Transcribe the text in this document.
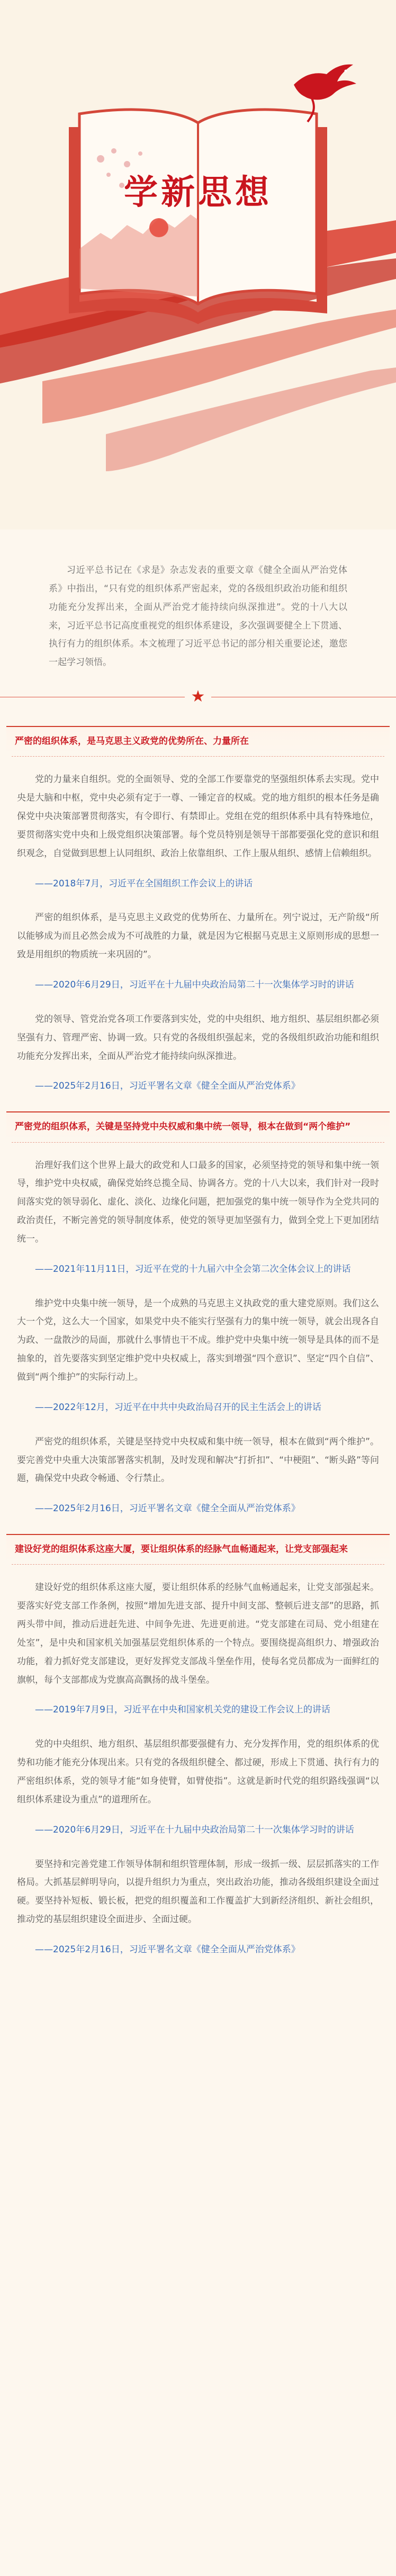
学新思想

习近平总书记在《求是》杂志发表的重要文章《健全全面从严治党体系》中指出，“只有党的组织体系严密起来，党的各级组织政治功能和组织功能充分发挥出来，全面从严治党才能持续向纵深推进”。党的十八大以来，习近平总书记高度重视党的组织体系建设，多次强调要健全上下贯通、执行有力的组织体系。本文梳理了习近平总书记的部分相关重要论述，邀您一起学习领悟。

★
严密的组织体系，是马克思主义政党的优势所在、力量所在

党的力量来自组织。党的全面领导、党的全部工作要靠党的坚强组织体系去实现。党中央是大脑和中枢，党中央必须有定于一尊、一锤定音的权威。党的地方组织的根本任务是确保党中央决策部署贯彻落实，有令即行、有禁即止。党组在党的组织体系中具有特殊地位，要贯彻落实党中央和上级党组织决策部署。每个党员特别是领导干部都要强化党的意识和组织观念，自觉做到思想上认同组织、政治上依靠组织、工作上服从组织、感情上信赖组织。

——2018年7月，习近平在全国组织工作会议上的讲话

严密的组织体系，是马克思主义政党的优势所在、力量所在。列宁说过，无产阶级“所以能够成为而且必然会成为不可战胜的力量，就是因为它根据马克思主义原则形成的思想一致是用组织的物质统一来巩固的”。

——2020年6月29日，习近平在十九届中央政治局第二十一次集体学习时的讲话

党的领导、管党治党各项工作要落到实处，党的中央组织、地方组织、基层组织都必须坚强有力、管理严密、协调一致。只有党的各级组织强起来，党的各级组织政治功能和组织功能充分发挥出来，全面从严治党才能持续向纵深推进。

——2025年2月16日，习近平署名文章《健全全面从严治党体系》

严密党的组织体系，关键是坚持党中央权威和集中统一领导，根本在做到“两个维护”

治理好我们这个世界上最大的政党和人口最多的国家，必须坚持党的领导和集中统一领导，维护党中央权威，确保党始终总揽全局、协调各方。党的十八大以来，我们针对一段时间落实党的领导弱化、虚化、淡化、边缘化问题，把加强党的集中统一领导作为全党共同的政治责任，不断完善党的领导制度体系，使党的领导更加坚强有力，做到全党上下更加团结统一。

——2021年11月11日，习近平在党的十九届六中全会第二次全体会议上的讲话

维护党中央集中统一领导，是一个成熟的马克思主义执政党的重大建党原则。我们这么大一个党，这么大一个国家，如果党中央不能实行坚强有力的集中统一领导，就会出现各自为政、一盘散沙的局面，那就什么事情也干不成。维护党中央集中统一领导是具体的而不是抽象的，首先要落实到坚定维护党中央权威上，落实到增强“四个意识”、坚定“四个自信”、做到“两个维护”的实际行动上。

——2022年12月，习近平在中共中央政治局召开的民主生活会上的讲话

严密党的组织体系，关键是坚持党中央权威和集中统一领导，根本在做到“两个维护”。要完善党中央重大决策部署落实机制，及时发现和解决“打折扣”、“中梗阻”、“断头路”等问题，确保党中央政令畅通、令行禁止。

——2025年2月16日，习近平署名文章《健全全面从严治党体系》

建设好党的组织体系这座大厦，要让组织体系的经脉气血畅通起来，让党支部强起来

建设好党的组织体系这座大厦，要让组织体系的经脉气血畅通起来，让党支部强起来。要落实好党支部工作条例，按照“增加先进支部、提升中间支部、整顿后进支部”的思路，抓两头带中间，推动后进赶先进、中间争先进、先进更前进。“党支部建在司局、党小组建在处室”，是中央和国家机关加强基层党组织体系的一个特点。要围绕提高组织力、增强政治功能，着力抓好党支部建设，更好发挥党支部战斗堡垒作用，使每名党员都成为一面鲜红的旗帜，每个支部都成为党旗高高飘扬的战斗堡垒。

——2019年7月9日，习近平在中央和国家机关党的建设工作会议上的讲话

党的中央组织、地方组织、基层组织都要强健有力、充分发挥作用，党的组织体系的优势和功能才能充分体现出来。只有党的各级组织健全、都过硬，形成上下贯通、执行有力的严密组织体系，党的领导才能“如身使臂，如臂使指”。这就是新时代党的组织路线强调“以组织体系建设为重点”的道理所在。

——2020年6月29日，习近平在十九届中央政治局第二十一次集体学习时的讲话

要坚持和完善党建工作领导体制和组织管理体制，形成一级抓一级、层层抓落实的工作格局。大抓基层鲜明导向，以提升组织力为重点，突出政治功能，推动各级组织建设全面过硬。要坚持补短板、锻长板，把党的组织覆盖和工作覆盖扩大到新经济组织、新社会组织，推动党的基层组织建设全面进步、全面过硬。

——2025年2月16日，习近平署名文章《健全全面从严治党体系》
